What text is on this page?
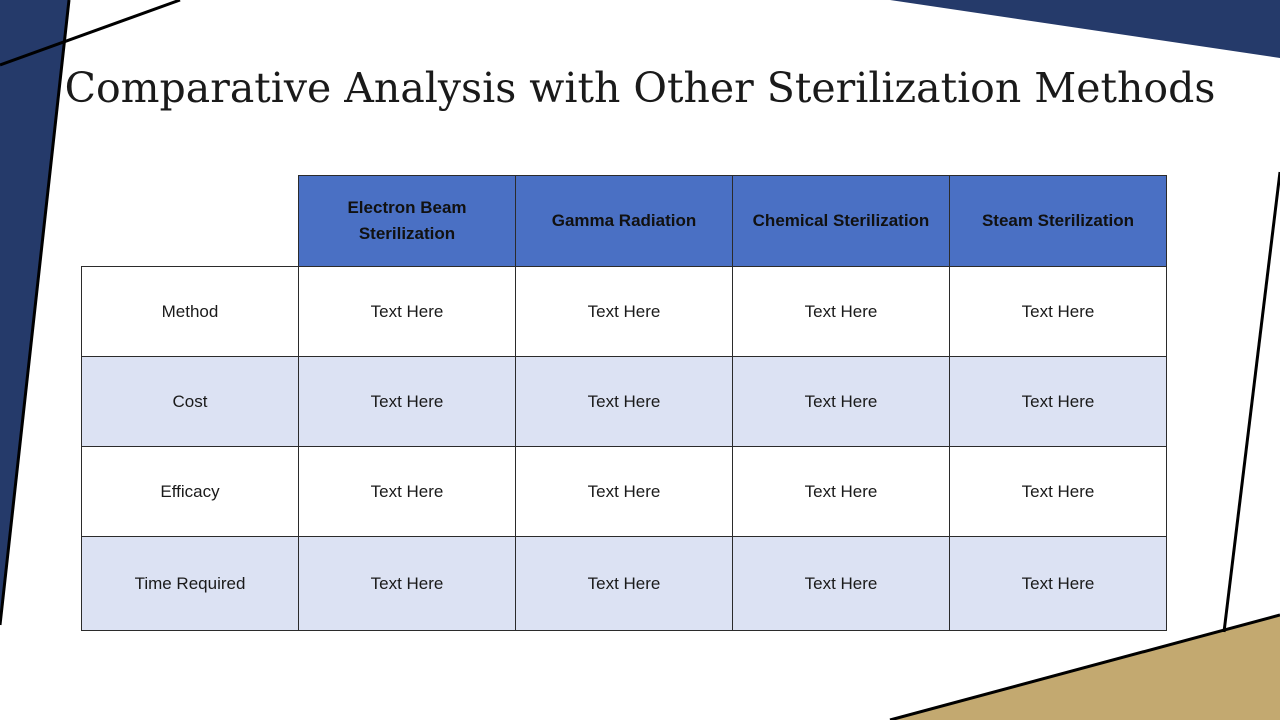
Comparative Analysis with Other Sterilization Methods
	Electron Beam Sterilization	Gamma Radiation	Chemical Sterilization	Steam Sterilization
Method	Text Here	Text Here	Text Here	Text Here
Cost	Text Here	Text Here	Text Here	Text Here
Efficacy	Text Here	Text Here	Text Here	Text Here
Time Required	Text Here	Text Here	Text Here	Text Here
